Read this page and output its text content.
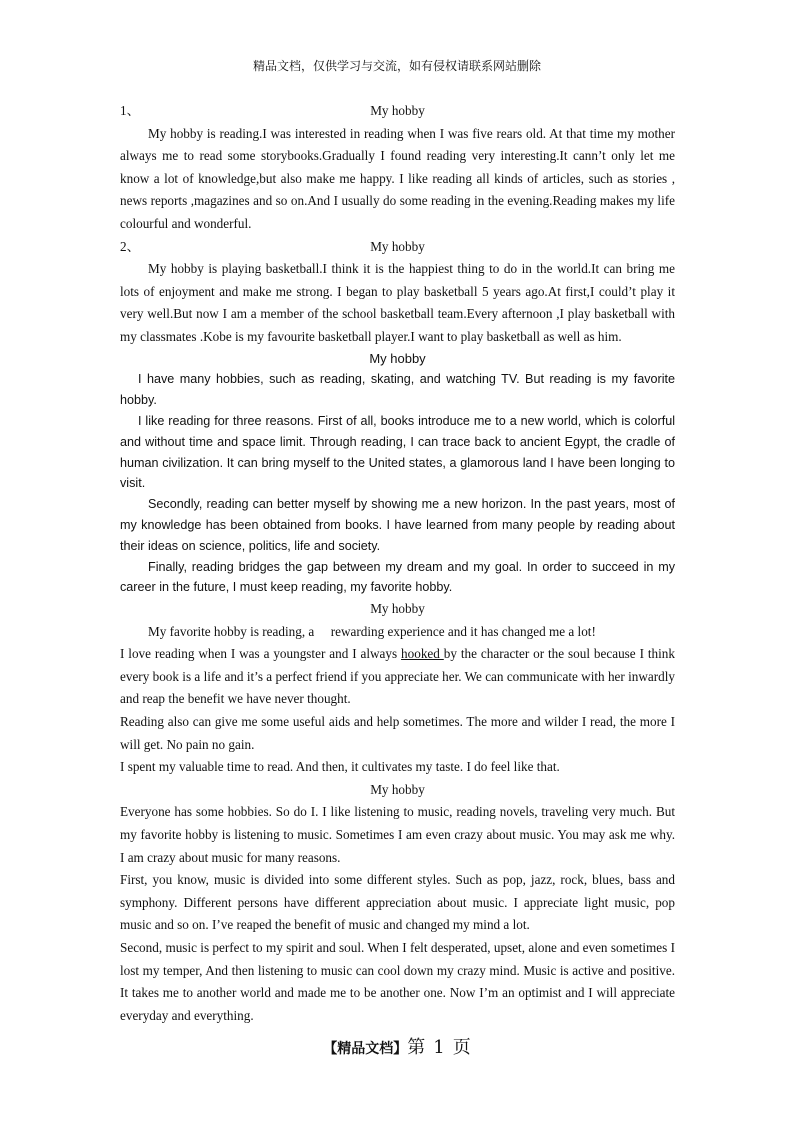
精品文档，仅供学习与交流，如有侵权请联系网站删除
1、	My hobby

My hobby is reading.I was interested in reading when I was five rears old. At that time my mother always me to read some storybooks.Gradually I found reading very interesting.It cann’t only let me know a lot of knowledge,but also make me happy. I like reading all kinds of articles, such as stories , news reports ,magazines and so on.And I usually do some reading in the evening.Reading makes my life colourful and wonderful.

2、	My hobby

My hobby is playing basketball.I think it is the happiest thing to do in the world.It can bring me lots of enjoyment and make me strong. I began to play basketball 5 years ago.At first,I could’t play it very well.But now I am a member of the school basketball team.Every afternoon ,I play basketball with my classmates .Kobe is my favourite basketball player.I want to play basketball as well as him.

My hobby

I have many hobbies, such as reading, skating, and watching TV. But reading is my favorite hobby.

I like reading for three reasons. First of all, books introduce me to a new world, which is colorful and without time and space limit. Through reading, I can trace back to ancient Egypt, the cradle of human civilization. It can bring myself to the United states, a glamorous land I have been longing to visit.

Secondly, reading can better myself by showing me a new horizon. In the past years, most of my knowledge has been obtained from books. I have learned from many people by reading about their ideas on science, politics, life and society.

Finally, reading bridges the gap between my dream and my goal. In order to succeed in my career in the future, I must keep reading, my favorite hobby.

My hobby

My favorite hobby is reading, a     rewarding experience and it has changed me a lot!

I love reading when I was a youngster and I always hooked by the character or the soul because I think every book is a life and it’s a perfect friend if you appreciate her. We can communicate with her inwardly and reap the benefit we have never thought.

Reading also can give me some useful aids and help sometimes. The more and wilder I read, the more I will get. No pain no gain.

I spent my valuable time to read. And then, it cultivates my taste. I do feel like that.

My hobby

Everyone has some hobbies. So do I. I like listening to music, reading novels, traveling very much. But my favorite hobby is listening to music. Sometimes I am even crazy about music. You may ask me why. I am crazy about music for many reasons.

First, you know, music is divided into some different styles. Such as pop, jazz, rock, blues, bass and symphony. Different persons have different appreciation about music. I appreciate light music, pop music and so on. I’ve reaped the benefit of music and changed my mind a lot.

Second, music is perfect to my spirit and soul. When I felt desperated, upset, alone and even sometimes I lost my temper, And then listening to music can cool down my crazy mind. Music is active and positive. It takes me to another world and made me to be another one. Now I’m an optimist and I will appreciate everyday and everything.

【精品文档】第 1 页
